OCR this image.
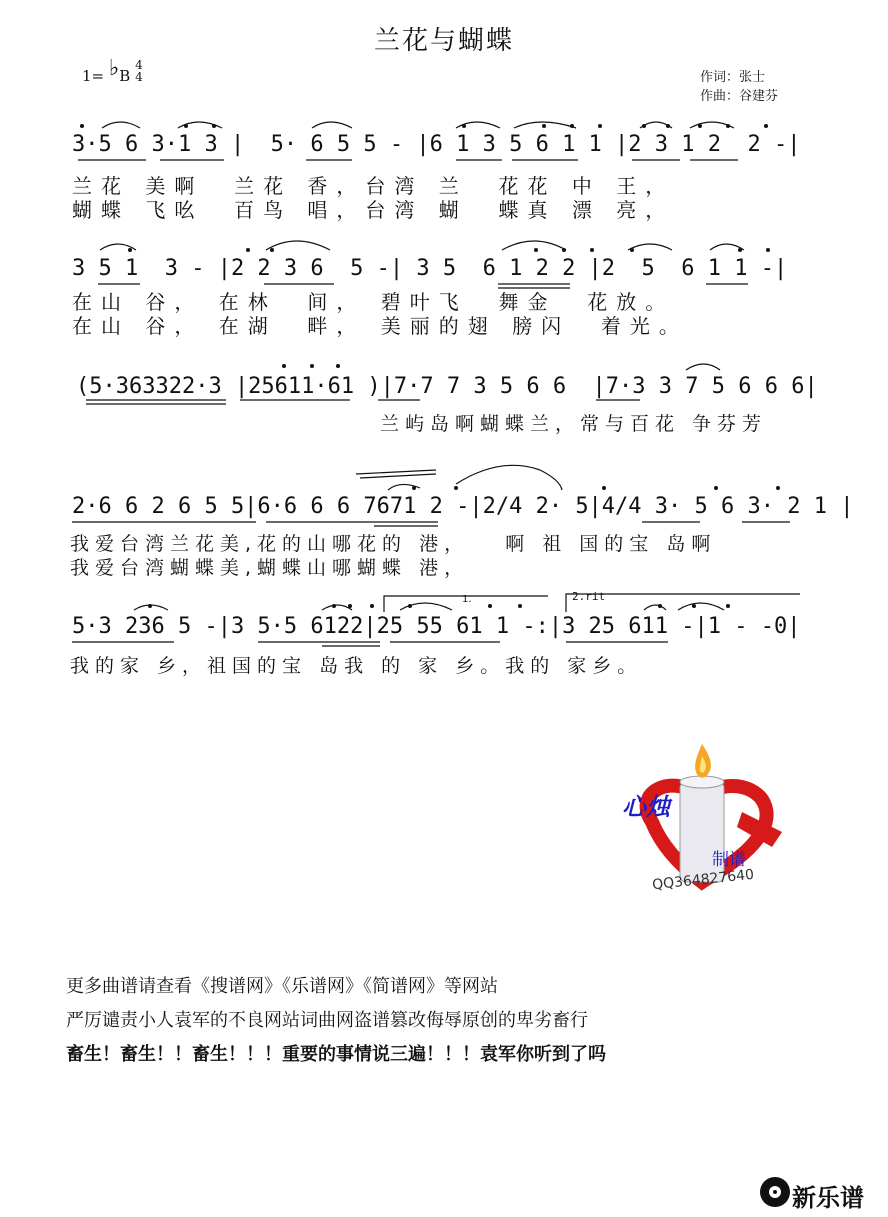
兰花与蝴蝶
1= ♭B 4
4	作词：张士
作曲：谷建芬
3·5 6 3·1 3 |  5· 6 5 5 - |6 1 3 5 6 1 1 |2 3 1 2  2 -|
兰花 美啊  兰花 香，台湾 兰  花花 中 王，
蝴蝶 飞吆  百鸟 唱，台湾 蝴  蝶真 漂 亮，
3 5 1  3 - |2 2 3 6  5 -| 3 5  6 1 2 2 |2  5  6 1 1 -|
在山 谷， 在林  间， 碧叶飞  舞金  花放。
在山 谷， 在湖  畔， 美丽的翅 膀闪  着光。
(5·363322·3 |25611·61 )|7·7 7 3 5 6 6  |7·3 3 7 5 6 6 6|
兰屿岛啊蝴蝶兰，常与百花 争芬芳
2·6 6 2 6 5 5|6·6 6 6 7671 2 -|2/4 2· 5|4/4 3· 5 6 3· 2 1 |
我爱台湾兰花美,花的山哪花的 港，   啊 祖 国的宝 岛啊
我爱台湾蝴蝶美,蝴蝶山哪蝴蝶 港，
1.	2.rit
5·3 236 5 -|3 5·5 6122|25 55 61 1 -:|3 25 611 -|1 - -0|
我的家 乡，祖国的宝 岛我 的 家 乡。我的 家乡。
心烛
制谱
QQ364827640
更多曲谱请查看《搜谱网》《乐谱网》《简谱网》等网站
严厉谴责小人袁军的不良网站词曲网盗谱篡改侮辱原创的卑劣畜行
畜生！畜生！！畜生！！！重要的事情说三遍！！！袁军你听到了吗
新乐谱
